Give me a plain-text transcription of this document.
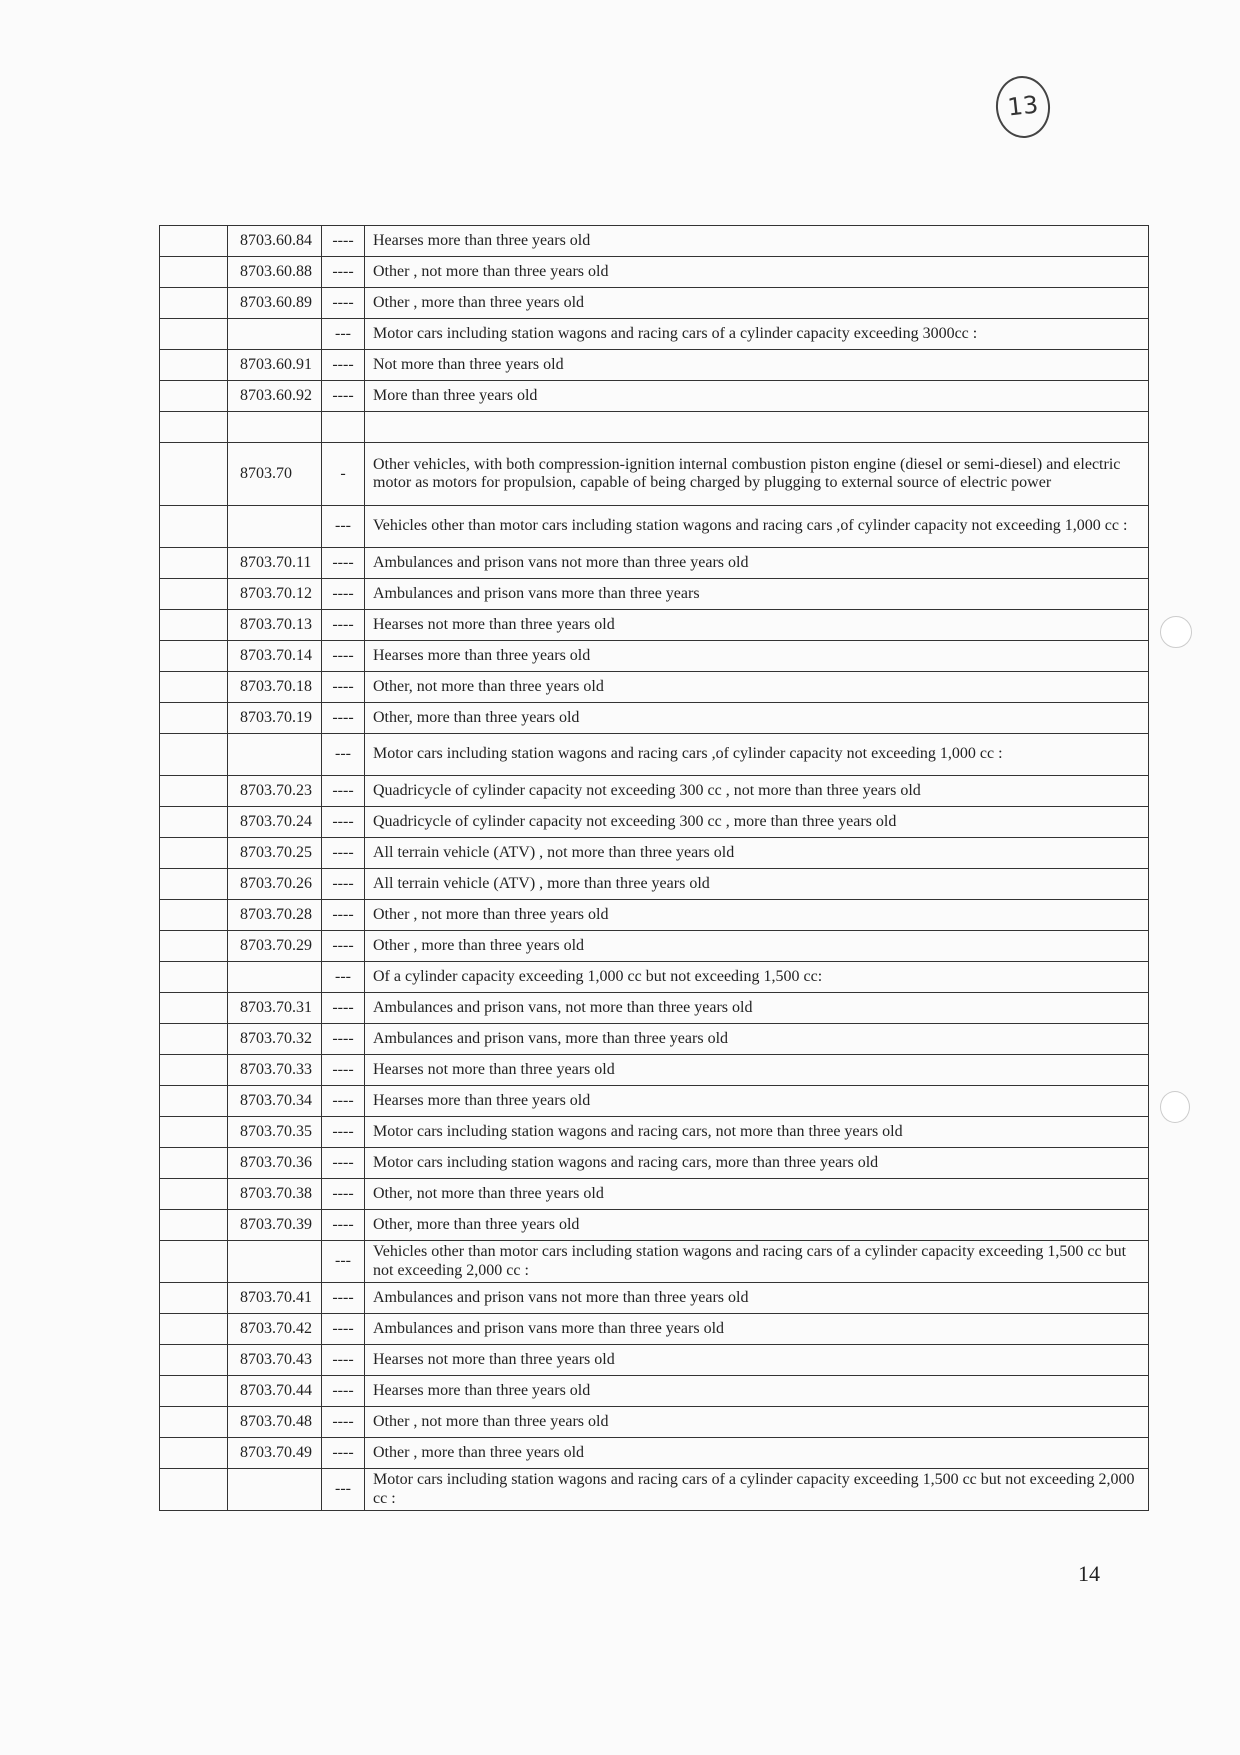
13
	8703.60.84	----	Hearses more than three years old
	8703.60.88	----	Other , not more than three years old
	8703.60.89	----	Other , more than three years old
		---	Motor cars including station wagons and racing cars of a cylinder capacity exceeding 3000cc :
	8703.60.91	----	Not more than three years old
	8703.60.92	----	More than three years old

	8703.70	-	Other vehicles, with both compression-ignition internal combustion piston engine (diesel or semi-diesel) and electric motor as motors for propulsion, capable of being charged by plugging to external source of electric power
		---	Vehicles other than motor cars including station wagons and racing cars ,of cylinder capacity not exceeding 1,000 cc :
	8703.70.11	----	Ambulances and prison vans not more than three years old
	8703.70.12	----	Ambulances and prison vans more than three years
	8703.70.13	----	Hearses not more than three years old
	8703.70.14	----	Hearses more than three years old
	8703.70.18	----	Other, not more than three years old
	8703.70.19	----	Other, more than three years old
		---	Motor cars including station wagons and racing cars ,of cylinder capacity not exceeding 1,000 cc :
	8703.70.23	----	Quadricycle of cylinder capacity not exceeding 300 cc , not more than three years old
	8703.70.24	----	Quadricycle of cylinder capacity not exceeding 300 cc , more than three years old
	8703.70.25	----	All terrain vehicle (ATV) , not more than three years old
	8703.70.26	----	All terrain vehicle (ATV) , more than three years old
	8703.70.28	----	Other , not more than three years old
	8703.70.29	----	Other , more than three years old
		---	Of a cylinder capacity exceeding 1,000 cc but not exceeding 1,500 cc:
	8703.70.31	----	Ambulances and prison vans, not more than three years old
	8703.70.32	----	Ambulances and prison vans, more than three years old
	8703.70.33	----	Hearses not more than three years old
	8703.70.34	----	Hearses more than three years old
	8703.70.35	----	Motor cars including station wagons and racing cars, not more than three years old
	8703.70.36	----	Motor cars including station wagons and racing cars, more than three years old
	8703.70.38	----	Other, not more than three years old
	8703.70.39	----	Other, more than three years old
		---	Vehicles other than motor cars including station wagons and racing cars of a cylinder capacity exceeding 1,500 cc but not exceeding 2,000 cc :
	8703.70.41	----	Ambulances and prison vans not more than three years old
	8703.70.42	----	Ambulances and prison vans more than three years old
	8703.70.43	----	Hearses not more than three years old
	8703.70.44	----	Hearses more than three years old
	8703.70.48	----	Other , not more than three years old
	8703.70.49	----	Other , more than three years old
		---	Motor cars including station wagons and racing cars of a cylinder capacity exceeding 1,500 cc but not exceeding 2,000 cc :
14
